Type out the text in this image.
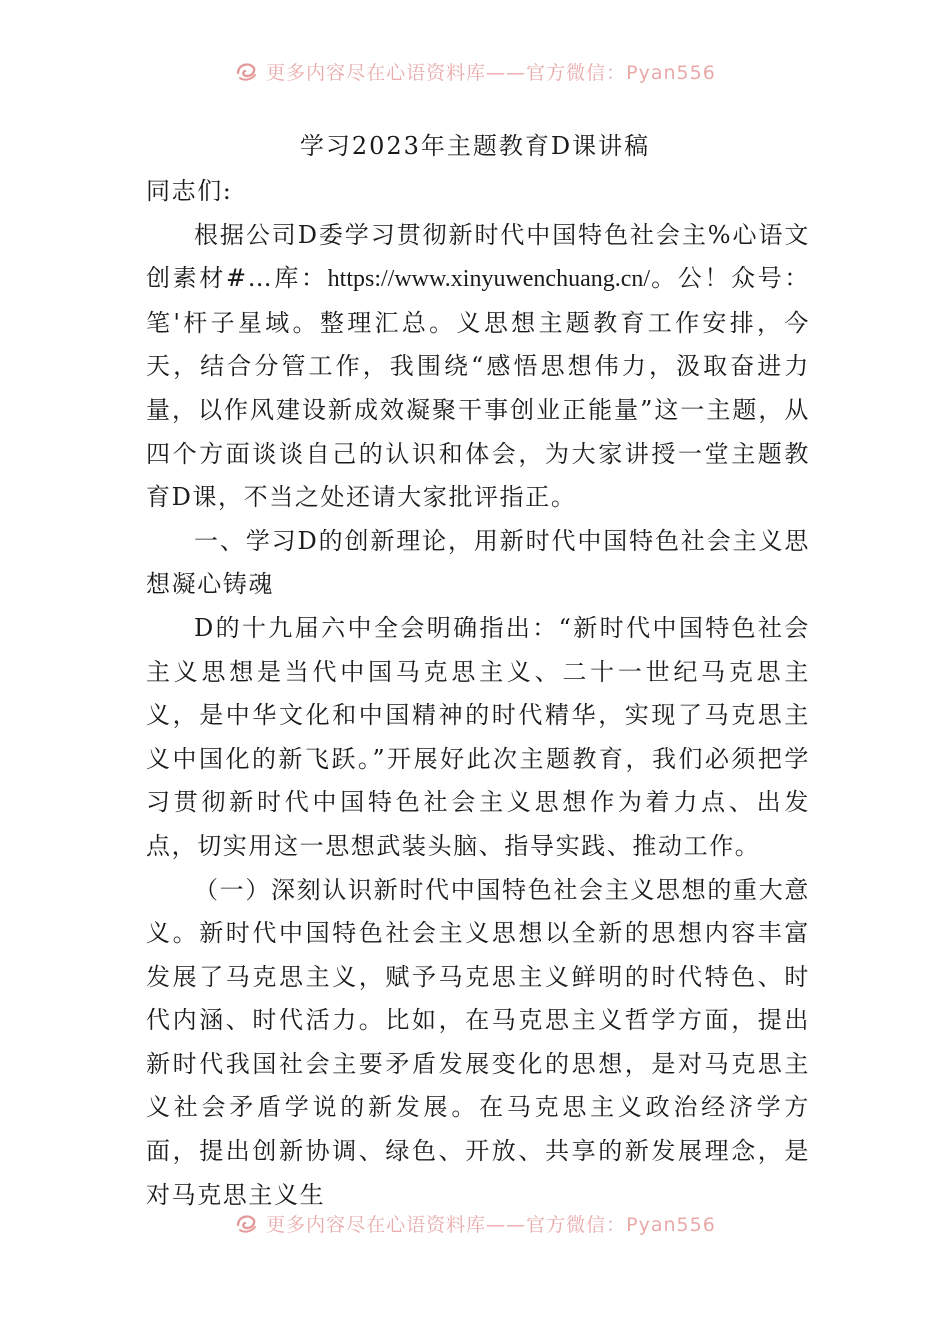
更多内容尽在心语资料库——官方微信：Pyan556
学习2023年主题教育D课讲稿

同志们:

根据公司D委学习贯彻新时代中国特色社会主%心语文创素材#…库：https://www.xinyuwenchuang.cn/。公！众号：笔'杆子星域。整理汇总。义思想主题教育工作安排，今天，结合分管工作，我围绕“感悟思想伟力，汲取奋进力量，以作风建设新成效凝聚干事创业正能量”这一主题，从四个方面谈谈自己的认识和体会，为大家讲授一堂主题教育D课，不当之处还请大家批评指正。

一、学习D的创新理论，用新时代中国特色社会主义思想凝心铸魂

D的十九届六中全会明确指出：“新时代中国特色社会主义思想是当代中国马克思主义、二十一世纪马克思主义，是中华文化和中国精神的时代精华，实现了马克思主义中国化的新飞跃。”开展好此次主题教育，我们必须把学习贯彻新时代中国特色社会主义思想作为着力点、出发点，切实用这一思想武装头脑、指导实践、推动工作。

（一）深刻认识新时代中国特色社会主义思想的重大意义。新时代中国特色社会主义思想以全新的思想内容丰富发展了马克思主义，赋予马克思主义鲜明的时代特色、时代内涵、时代活力。比如，在马克思主义哲学方面，提出新时代我国社会主要矛盾发展变化的思想，是对马克思主义社会矛盾学说的新发展。在马克思主义政治经济学方面，提出创新协调、绿色、开放、共享的新发展理念，是对马克思主义生

更多内容尽在心语资料库——官方微信：Pyan556
